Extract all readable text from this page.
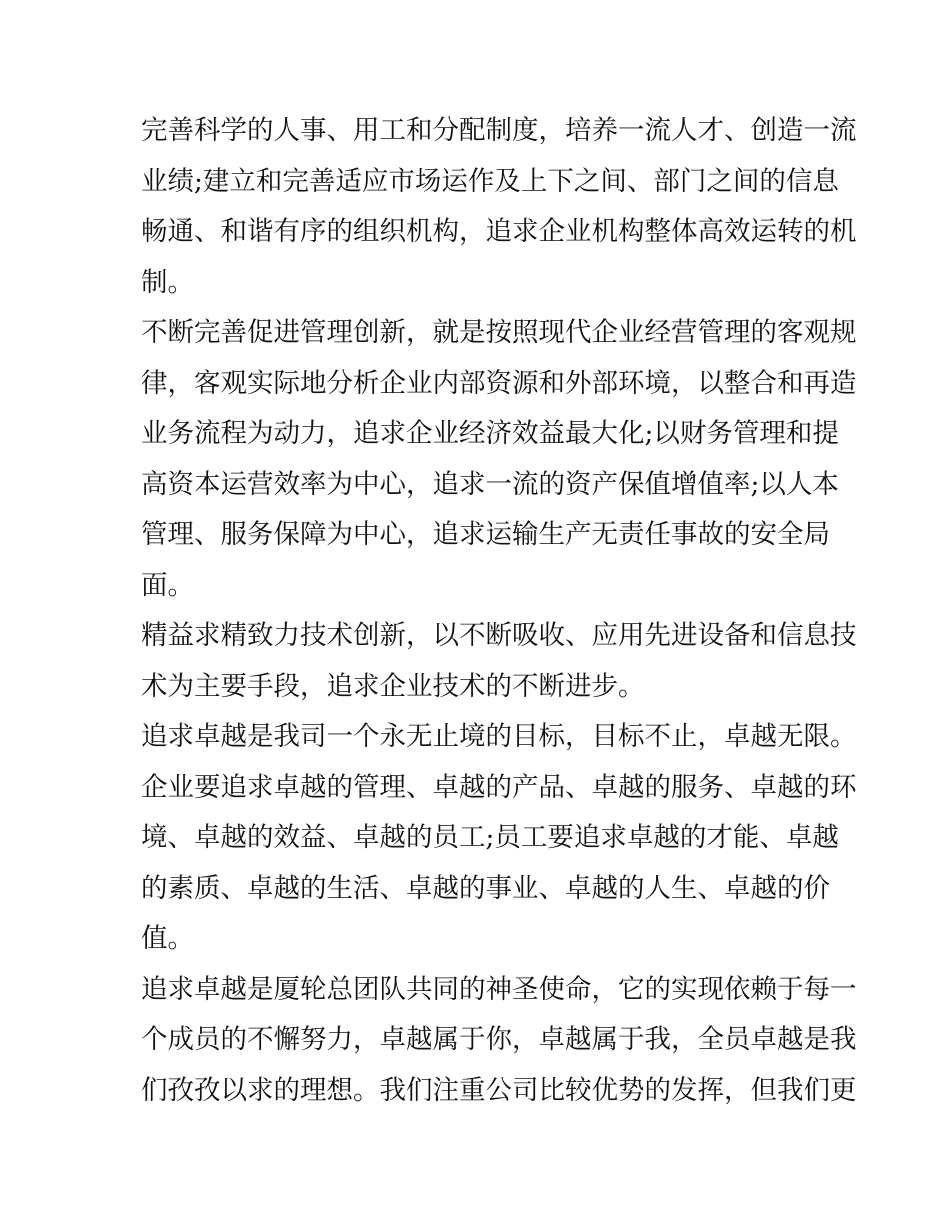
完善科学的人事、用工和分配制度，培养一流人才、创造一流
业绩;建立和完善适应市场运作及上下之间、部门之间的信息
畅通、和谐有序的组织机构，追求企业机构整体高效运转的机
制。
不断完善促进管理创新，就是按照现代企业经营管理的客观规
律，客观实际地分析企业内部资源和外部环境，以整合和再造
业务流程为动力，追求企业经济效益最大化;以财务管理和提
高资本运营效率为中心，追求一流的资产保值增值率;以人本
管理、服务保障为中心，追求运输生产无责任事故的安全局
面。
精益求精致力技术创新，以不断吸收、应用先进设备和信息技
术为主要手段，追求企业技术的不断进步。
追求卓越是我司一个永无止境的目标，目标不止，卓越无限。
企业要追求卓越的管理、卓越的产品、卓越的服务、卓越的环
境、卓越的效益、卓越的员工;员工要追求卓越的才能、卓越
的素质、卓越的生活、卓越的事业、卓越的人生、卓越的价
值。
追求卓越是厦轮总团队共同的神圣使命，它的实现依赖于每一
个成员的不懈努力，卓越属于你，卓越属于我，全员卓越是我
们孜孜以求的理想。我们注重公司比较优势的发挥，但我们更
